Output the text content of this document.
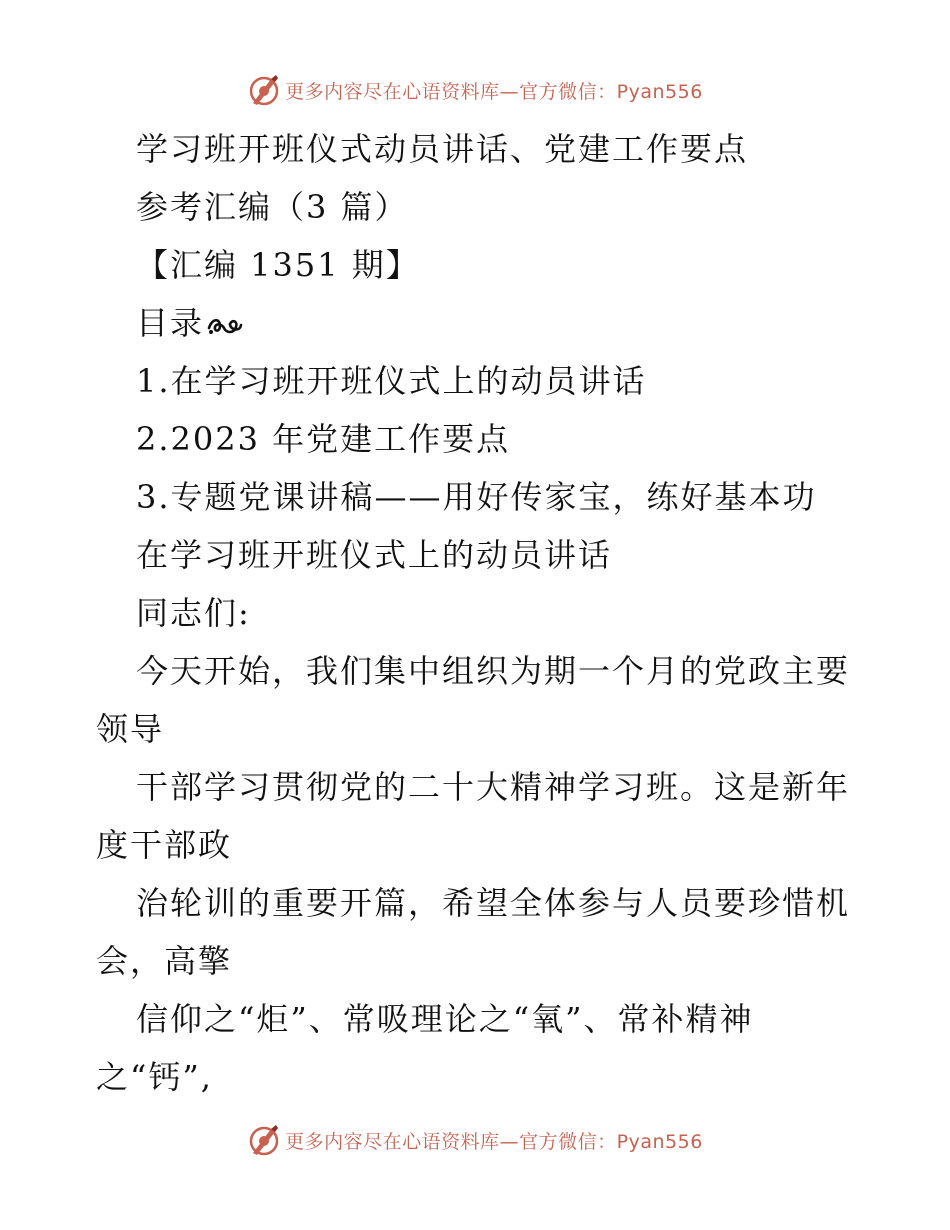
更多内容尽在心语资料库—官方微信：Pyan556
学习班开班仪式动员讲话、党建工作要点
参考汇编（3 篇）
【汇编 1351 期】
目录
1.在学习班开班仪式上的动员讲话
2.2023 年党建工作要点
3.专题党课讲稿——用好传家宝，练好基本功
在学习班开班仪式上的动员讲话
同志们:
今天开始，我们集中组织为期一个月的党政主要
领导
干部学习贯彻党的二十大精神学习班。这是新年
度干部政
治轮训的重要开篇，希望全体参与人员要珍惜机
会，高擎
信仰之“炬”、常吸理论之“氧”、常补精神
之“钙”,
更多内容尽在心语资料库—官方微信：Pyan556
